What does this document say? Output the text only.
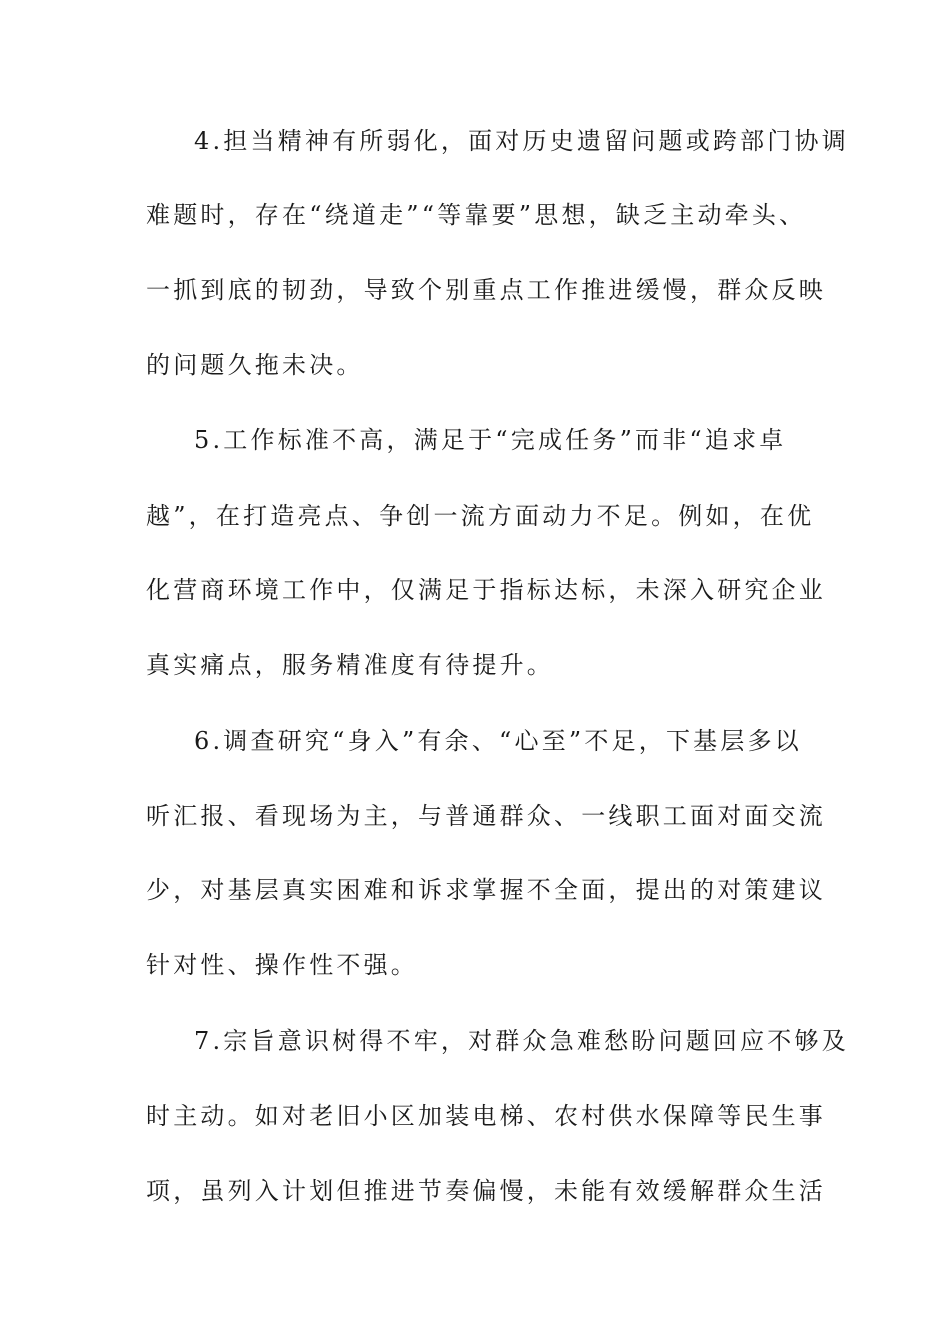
4.担当精神有所弱化，面对历史遗留问题或跨部门协调
难题时，存在“绕道走”“等靠要”思想，缺乏主动牵头、
一抓到底的韧劲，导致个别重点工作推进缓慢，群众反映
的问题久拖未决。
5.工作标准不高，满足于“完成任务”而非“追求卓
越”，在打造亮点、争创一流方面动力不足。例如，在优
化营商环境工作中，仅满足于指标达标，未深入研究企业
真实痛点，服务精准度有待提升。
6.调查研究“身入”有余、“心至”不足，下基层多以
听汇报、看现场为主，与普通群众、一线职工面对面交流
少，对基层真实困难和诉求掌握不全面，提出的对策建议
针对性、操作性不强。
7.宗旨意识树得不牢，对群众急难愁盼问题回应不够及
时主动。如对老旧小区加装电梯、农村供水保障等民生事
项，虽列入计划但推进节奏偏慢，未能有效缓解群众生活
